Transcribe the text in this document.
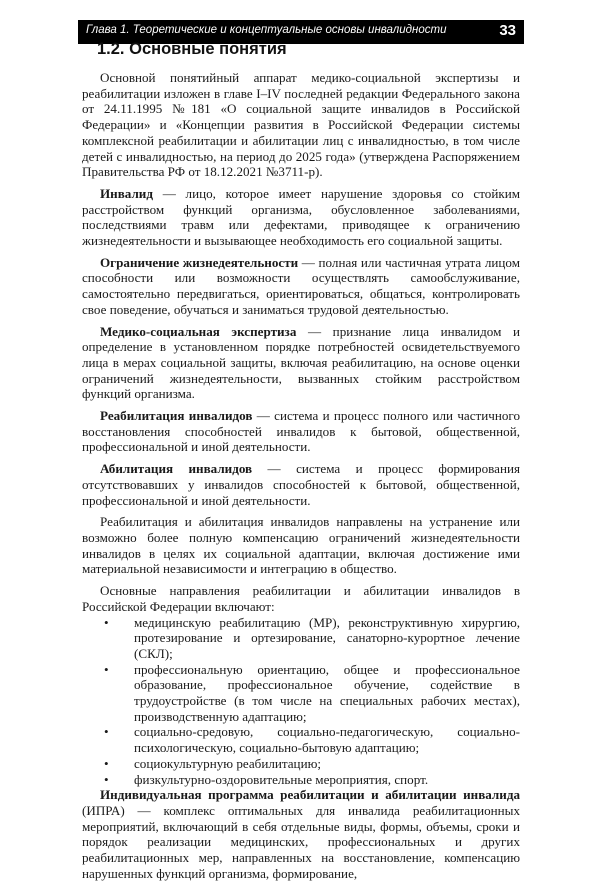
Глава 1. Теоретические и концептуальные основы инвалидности	33
1.2. Основные понятия

Основной понятийный аппарат медико-социальной экспертизы и реабилитации изложен в главе I–IV последней редакции Федерального закона от 24.11.1995 №181 «О социальной защите инвалидов в Российской Федерации» и «Концепции развития в Российской Федерации системы комплексной реабилитации и абилитации лиц с инвалидностью, в том числе детей с инвалидностью, на период до 2025 года» (утверждена Распоряжением Правительства РФ от 18.12.2021 №3711-р).

Инвалид — лицо, которое имеет нарушение здоровья со стойким расстройством функций организма, обусловленное заболеваниями, последствиями травм или дефектами, приводящее к ограничению жизнедеятельности и вызывающее необходимость его социальной защиты.

Ограничение жизнедеятельности — полная или частичная утрата лицом способности или возможности осуществлять самообслуживание, самостоятельно передвигаться, ориентироваться, общаться, контролировать свое поведение, обучаться и заниматься трудовой деятельностью.

Медико-социальная экспертиза — признание лица инвалидом и определение в установленном порядке потребностей освидетельствуемого лица в мерах социальной защиты, включая реабилитацию, на основе оценки ограничений жизнедеятельности, вызванных стойким расстройством функций организма.

Реабилитация инвалидов — система и процесс полного или частичного восстановления способностей инвалидов к бытовой, общественной, профессиональной и иной деятельности.

Абилитация инвалидов — система и процесс формирования отсутствовавших у инвалидов способностей к бытовой, общественной, профессиональной и иной деятельности.

Реабилитация и абилитация инвалидов направлены на устранение или возможно более полную компенсацию ограничений жизнедеятельности инвалидов в целях их социальной адаптации, включая достижение ими материальной независимости и интеграцию в общество.

Основные направления реабилитации и абилитации инвалидов в Российской Федерации включают:

• медицинскую реабилитацию (МР), реконструктивную хирургию, протезирование и ортезирование, санаторно-курортное лечение (СКЛ);
• профессиональную ориентацию, общее и профессиональное образование, профессиональное обучение, содействие в трудоустройстве (в том числе на специальных рабочих местах), производственную адаптацию;
• социально-средовую, социально-педагогическую, социально-психологическую, социально-бытовую адаптацию;
• социокультурную реабилитацию;
• физкультурно-оздоровительные мероприятия, спорт.

Индивидуальная программа реабилитации и абилитации инвалида (ИПРА) — комплекс оптимальных для инвалида реабилитационных мероприятий, включающий в себя отдельные виды, формы, объемы, сроки и порядок реализации медицинских, профессиональных и других реабилитационных мер, направленных на восстановление, компенсацию нарушенных функций организма, формирование,
